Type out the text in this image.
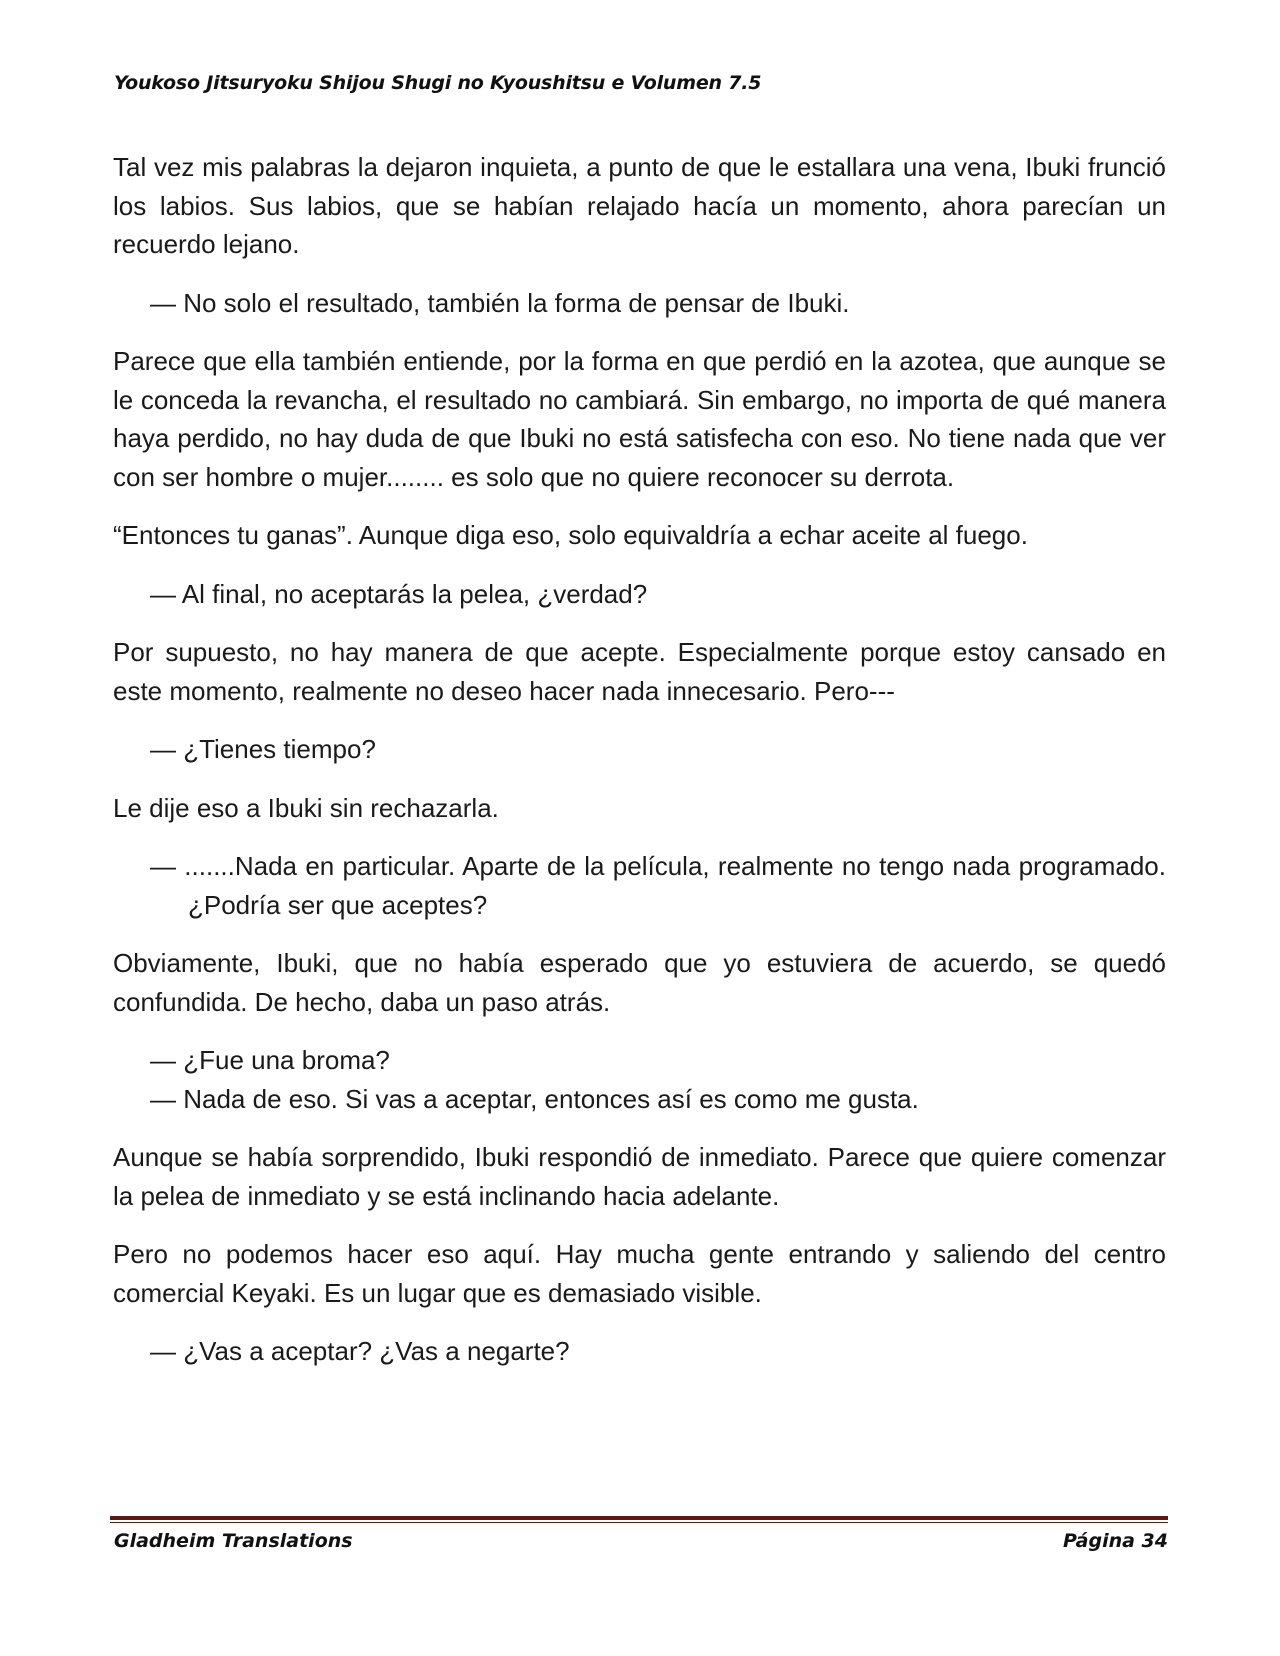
Youkoso Jitsuryoku Shijou Shugi no Kyoushitsu e Volumen 7.5

Tal vez mis palabras la dejaron inquieta, a punto de que le estallara una vena, Ibuki frunció los labios. Sus labios, que se habían relajado hacía un momento, ahora parecían un recuerdo lejano.

— No solo el resultado, también la forma de pensar de Ibuki.

Parece que ella también entiende, por la forma en que perdió en la azotea, que aunque se le conceda la revancha, el resultado no cambiará. Sin embargo, no importa de qué manera haya perdido, no hay duda de que Ibuki no está satisfecha con eso. No tiene nada que ver con ser hombre o mujer........ es solo que no quiere reconocer su derrota.

“Entonces tu ganas”. Aunque diga eso, solo equivaldría a echar aceite al fuego.

— Al final, no aceptarás la pelea, ¿verdad?

Por supuesto, no hay manera de que acepte. Especialmente porque estoy cansado en este momento, realmente no deseo hacer nada innecesario. Pero---

— ¿Tienes tiempo?

Le dije eso a Ibuki sin rechazarla.

— .......Nada en particular. Aparte de la película, realmente no tengo nada programado. ¿Podría ser que aceptes?

Obviamente, Ibuki, que no había esperado que yo estuviera de acuerdo, se quedó confundida. De hecho, daba un paso atrás.

— ¿Fue una broma?

— Nada de eso. Si vas a aceptar, entonces así es como me gusta.

Aunque se había sorprendido, Ibuki respondió de inmediato. Parece que quiere comenzar la pelea de inmediato y se está inclinando hacia adelante.

Pero no podemos hacer eso aquí. Hay mucha gente entrando y saliendo del centro comercial Keyaki. Es un lugar que es demasiado visible.

— ¿Vas a aceptar? ¿Vas a negarte?

Gladheim Translations	Página 34
